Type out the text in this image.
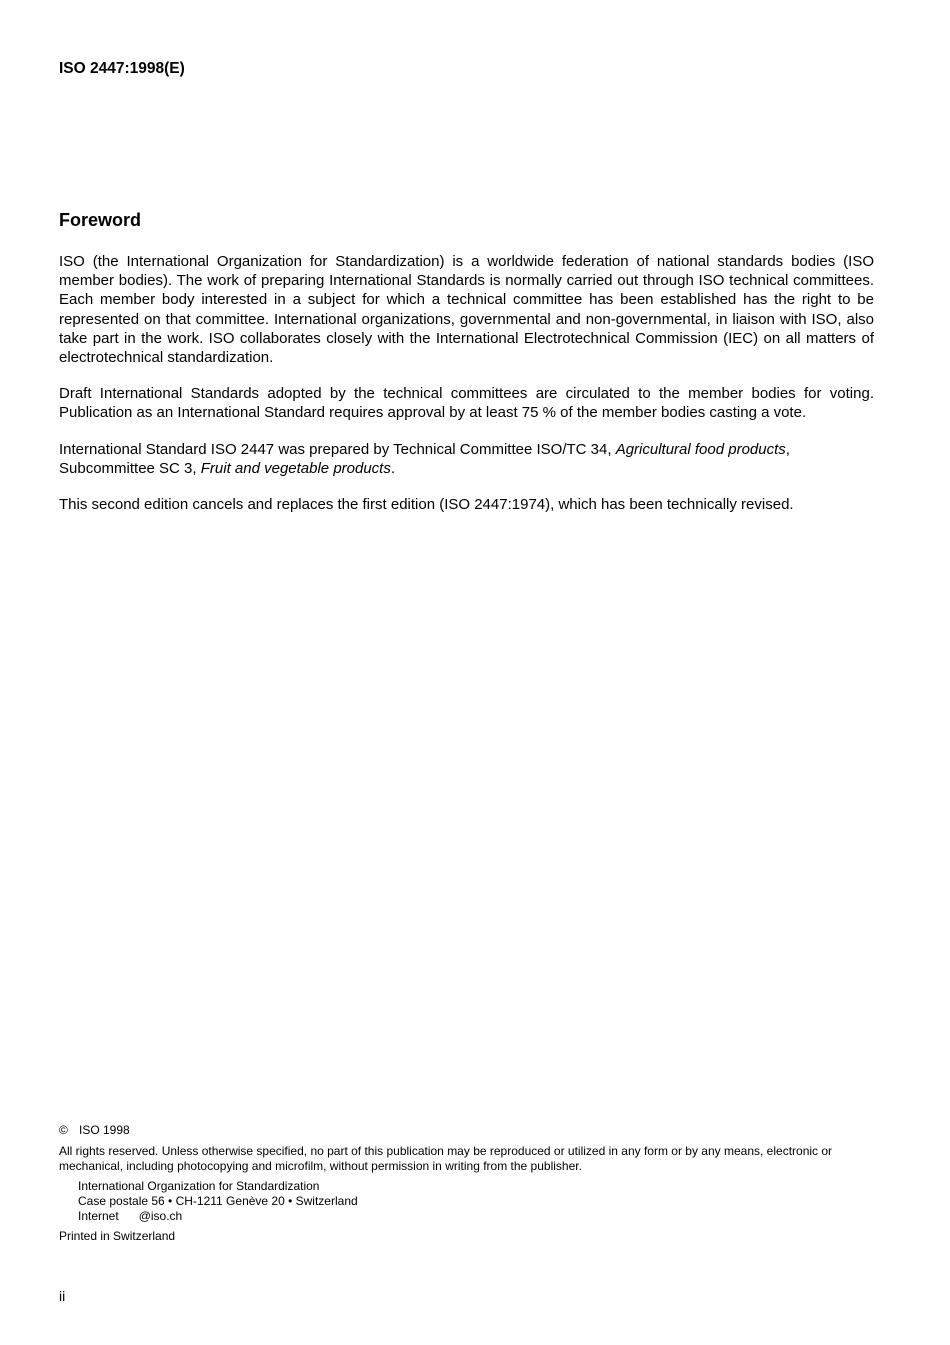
ISO 2447:1998(E)

Foreword

ISO (the International Organization for Standardization) is a worldwide federation of national standards bodies (ISO member bodies). The work of preparing International Standards is normally carried out through ISO technical committees. Each member body interested in a subject for which a technical committee has been established has the right to be represented on that committee. International organizations, governmental and non-governmental, in liaison with ISO, also take part in the work. ISO collaborates closely with the International Electrotechnical Commission (IEC) on all matters of electrotechnical standardization.

Draft International Standards adopted by the technical committees are circulated to the member bodies for voting. Publication as an International Standard requires approval by at least 75 % of the member bodies casting a vote.

International Standard ISO 2447 was prepared by Technical Committee ISO/TC 34, Agricultural food products, Subcommittee SC 3, Fruit and vegetable products.

This second edition cancels and replaces the first edition (ISO 2447:1974), which has been technically revised.

© ISO 1998

All rights reserved. Unless otherwise specified, no part of this publication may be reproduced or utilized in any form or by any means, electronic or mechanical, including photocopying and microfilm, without permission in writing from the publisher.

International Organization for Standardization
Case postale 56 • CH-1211 Genève 20 • Switzerland
Internet @iso.ch

Printed in Switzerland

ii
